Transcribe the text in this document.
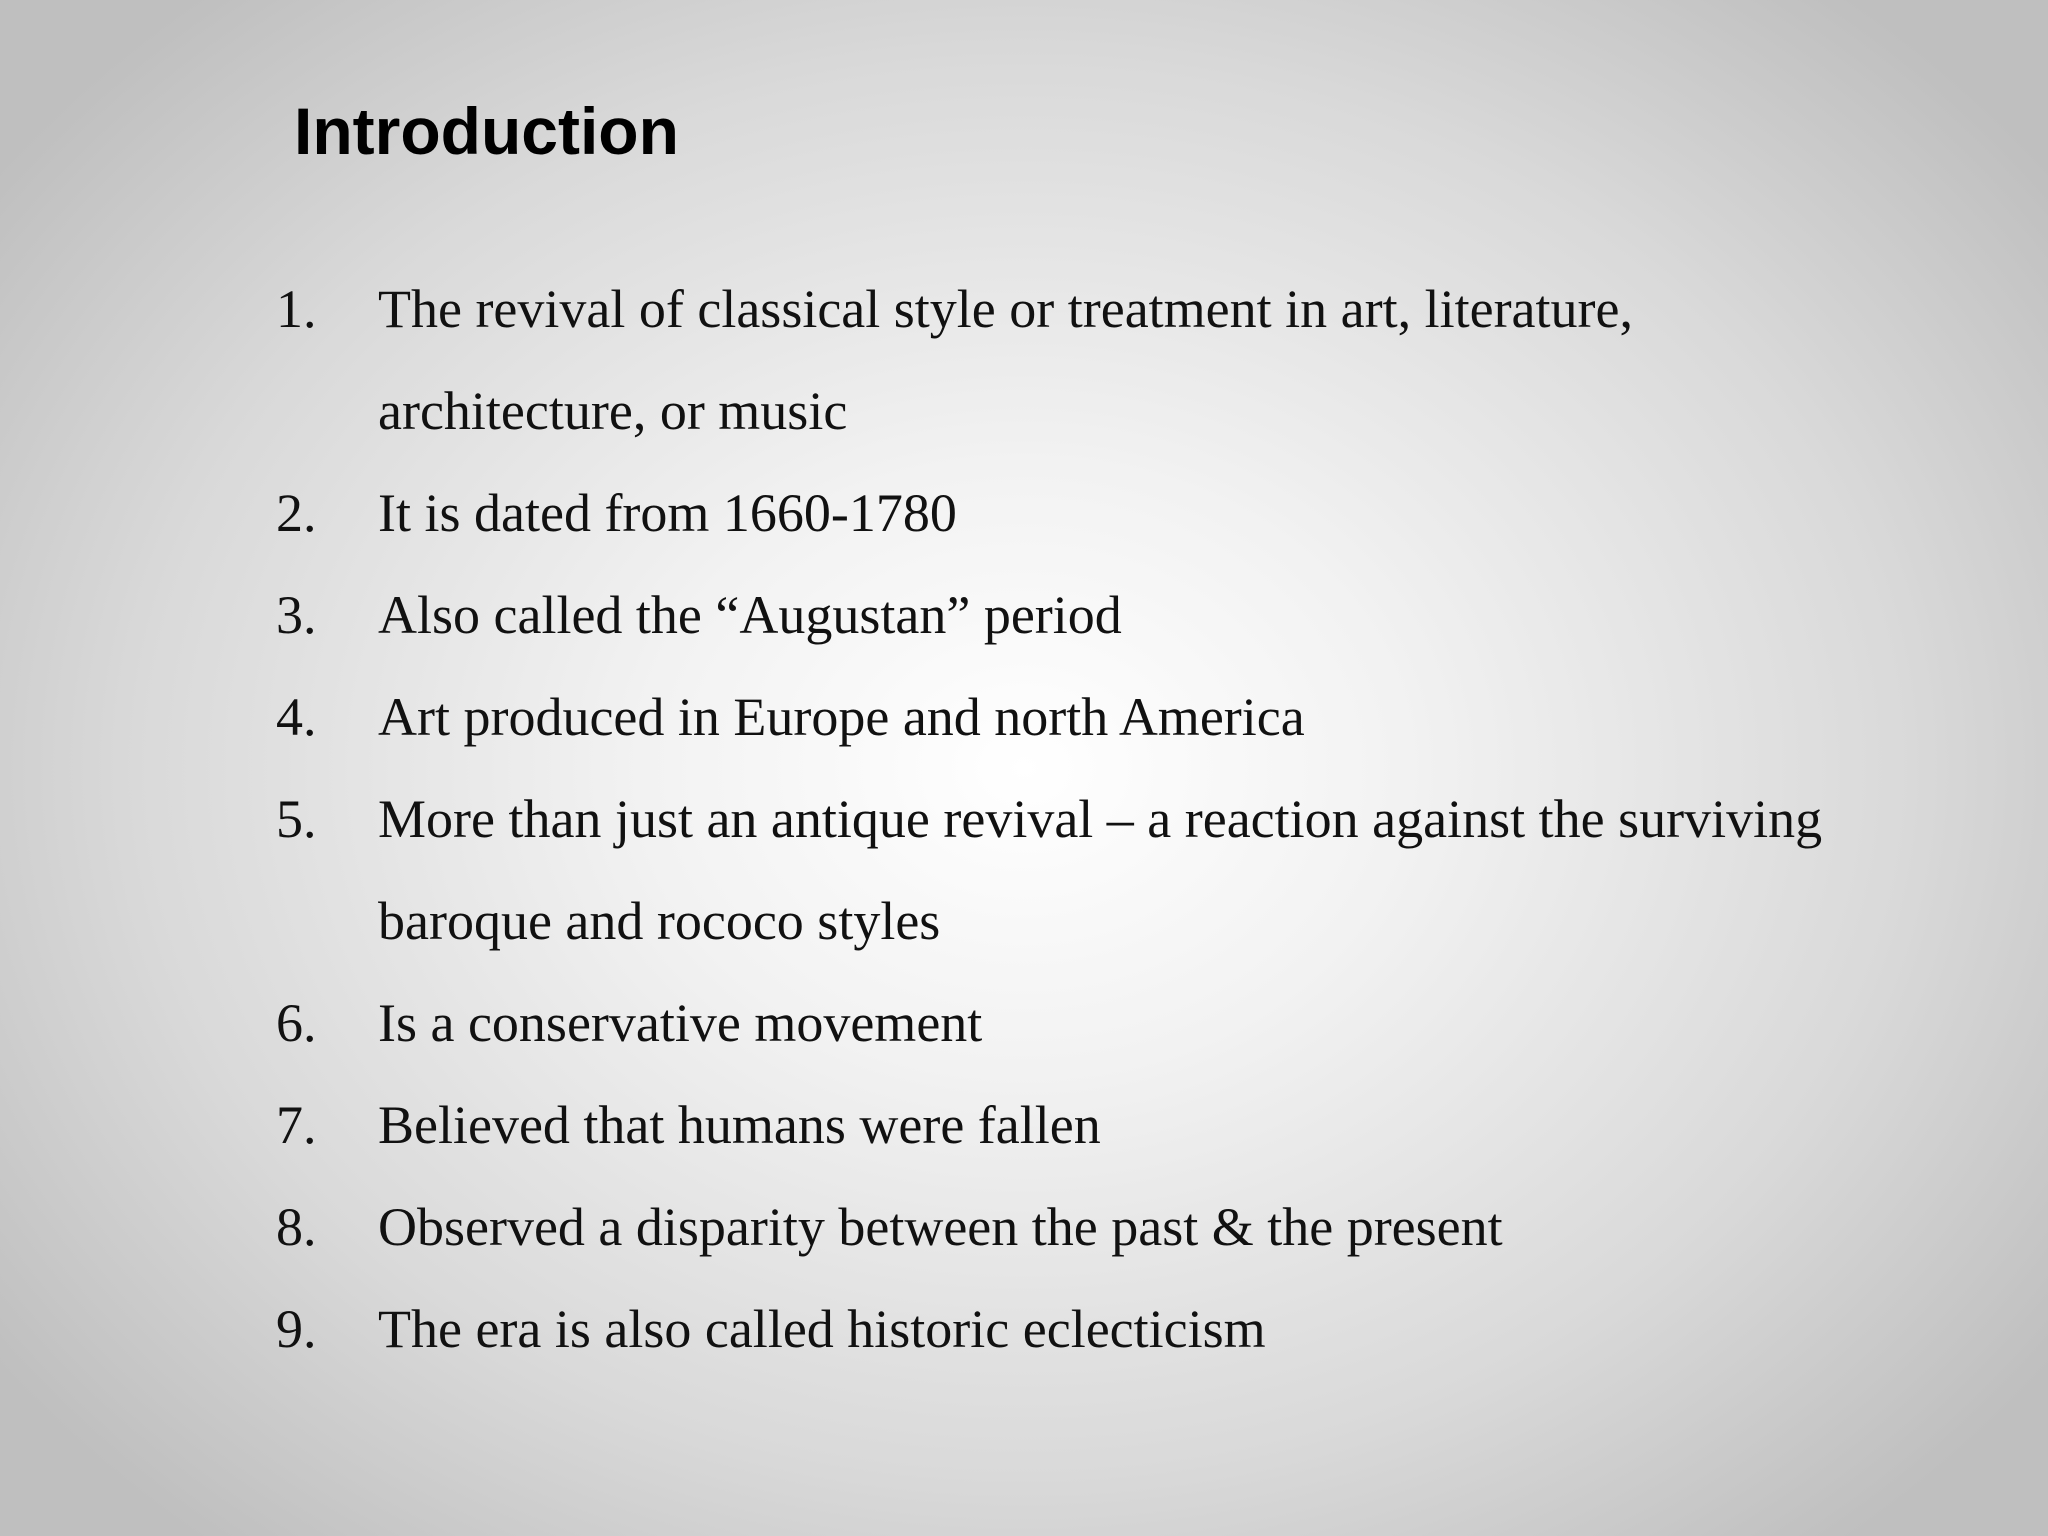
Introduction
1. The revival of classical style or treatment in art, literature,
architecture, or music
2. It is dated from 1660-1780
3. Also called the “Augustan” period
4. Art produced in Europe and north America
5. More than just an antique revival – a reaction against the surviving
baroque and rococo styles
6. Is a conservative movement
7. Believed that humans were fallen
8. Observed a disparity between the past & the present
9. The era is also called historic eclecticism
